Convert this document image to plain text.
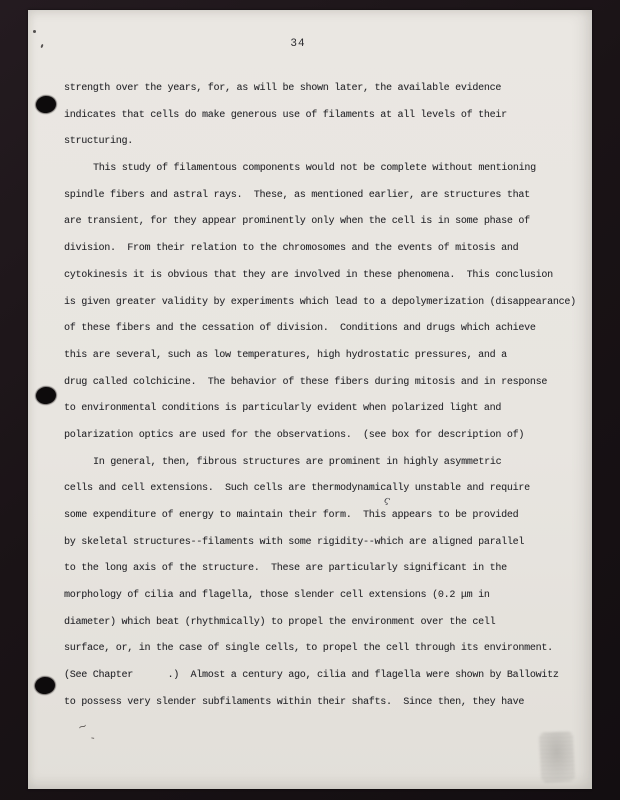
34
strength over the years, for, as will be shown later, the available evidence
indicates that cells do make generous use of filaments at all levels of their
structuring.
This study of filamentous components would not be complete without mentioning
spindle fibers and astral rays.  These, as mentioned earlier, are structures that
are transient, for they appear prominently only when the cell is in some phase of
division.  From their relation to the chromosomes and the events of mitosis and
cytokinesis it is obvious that they are involved in these phenomena.  This conclusion
is given greater validity by experiments which lead to a depolymerization (disappearance)
of these fibers and the cessation of division.  Conditions and drugs which achieve
this are several, such as low temperatures, high hydrostatic pressures, and a
drug called colchicine.  The behavior of these fibers during mitosis and in response
to environmental conditions is particularly evident when polarized light and
polarization optics are used for the observations.  (see box for description of)
In general, then, fibrous structures are prominent in highly asymmetric
cells and cell extensions.  Such cells are thermodynamically unstable and require
some expenditure of energy to maintain their form.  This appears to be provided
by skeletal structures--filaments with some rigidity--which are aligned parallel
to the long axis of the structure.  These are particularly significant in the
morphology of cilia and flagella, those slender cell extensions (0.2 μm in
diameter) which beat (rhythmically) to propel the environment over the cell
surface, or, in the case of single cells, to propel the cell through its environment.
(See Chapter      .)  Almost a century ago, cilia and flagella were shown by Ballowitz
to possess very slender subfilaments within their shafts.  Since then, they have
ς
~
-
